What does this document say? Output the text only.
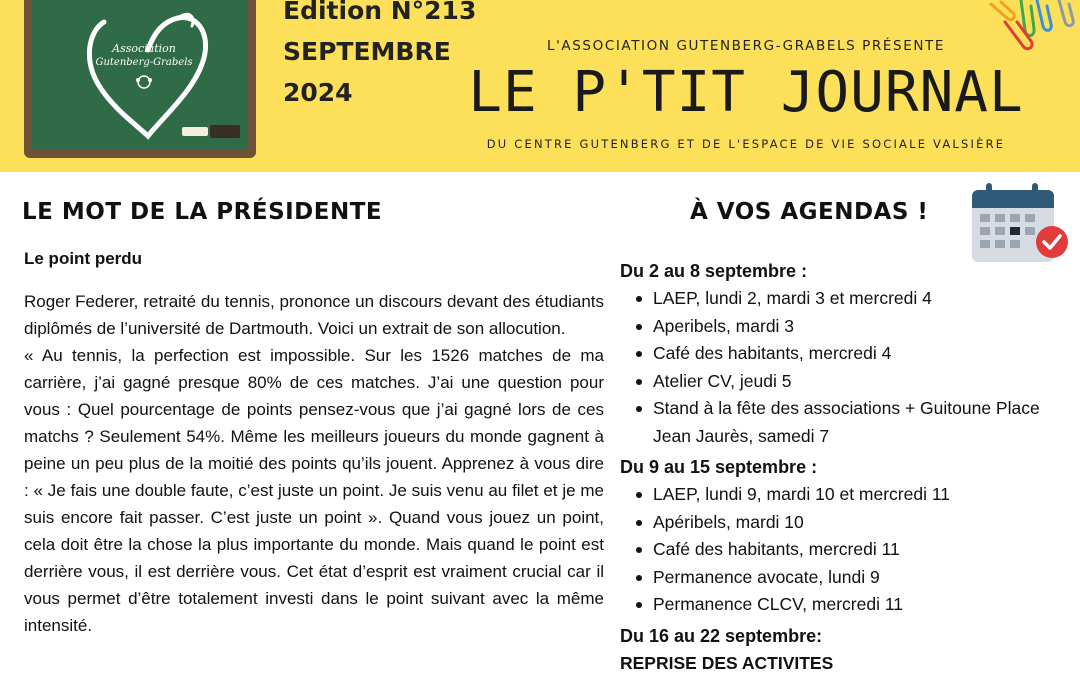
Association
Gutenberg-Grabels
Edition N°213
SEPTEMBRE
2024
L'ASSOCIATION GUTENBERG-GRABELS PRÉSENTE
LE P'TIT JOURNAL
DU CENTRE GUTENBERG ET DE L'ESPACE DE VIE SOCIALE VALSIÈRE
LE MOT DE LA PRÉSIDENTE	À VOS AGENDAS !

Le point perdu

Roger Federer, retraité du tennis, prononce un discours devant des étudiants diplômés de l’université de Dartmouth. Voici un extrait de son allocution.

« Au tennis, la perfection est impossible. Sur les 1526 matches de ma carrière, j’ai gagné presque 80% de ces matches. J’ai une question pour vous : Quel pourcentage de points pensez-vous que j’ai gagné lors de ces matchs ? Seulement 54%. Même les meilleurs joueurs du monde gagnent à peine un peu plus de la moitié des points qu’ils jouent. Apprenez à vous dire : « Je fais une double faute, c’est juste un point. Je suis venu au filet et je me suis encore fait passer. C’est juste un point ». Quand vous jouez un point, cela doit être la chose la plus importante du monde. Mais quand le point est derrière vous, il est derrière vous. Cet état d’esprit est vraiment crucial car il vous permet d’être totalement investi dans le point suivant avec la même intensité.

Du 2 au 8 septembre :

LAEP, lundi 2, mardi 3 et mercredi 4
Aperibels, mardi 3
Café des habitants, mercredi 4
Atelier CV, jeudi 5
Stand à la fête des associations + Guitoune Place Jean Jaurès, samedi 7

Du 9 au 15 septembre :

LAEP, lundi 9, mardi 10 et mercredi 11
Apéribels, mardi 10
Café des habitants, mercredi 11
Permanence avocate, lundi 9
Permanence CLCV, mercredi 11

Du 16 au 22 septembre:

REPRISE DES ACTIVITES
